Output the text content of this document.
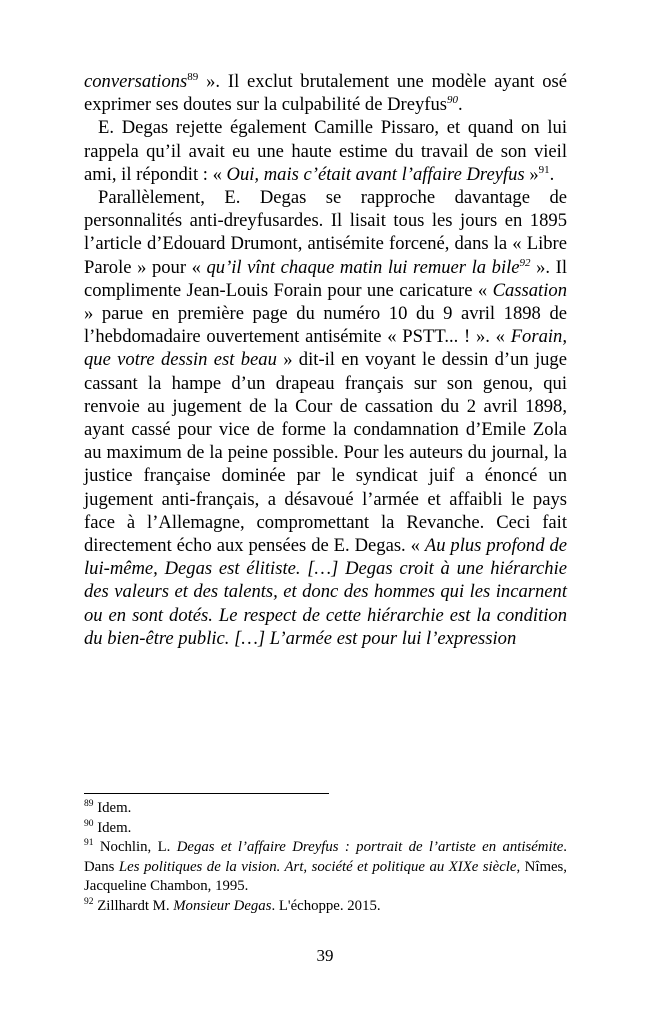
conversations$^{89}$ ». Il exclut brutalement une modèle ayant osé exprimer ses doutes sur la culpabilité de Dreyfus$^{90}$.

E. Degas rejette également Camille Pissaro, et quand on lui rappela qu’il avait eu une haute estime du travail de son vieil ami, il répondit : « Oui, mais c’était avant l’affaire Dreyfus »$^{91}$.

Parallèlement, E. Degas se rapproche davantage de personnalités anti-dreyfusardes. Il lisait tous les jours en 1895 l’article d’Edouard Drumont, antisémite forcené, dans la « Libre Parole » pour « qu’il vînt chaque matin lui remuer la bile$^{92}$ ». Il complimente Jean-Louis Forain pour une caricature « Cassation » parue en première page du numéro 10 du 9 avril 1898 de l’hebdomadaire ouvertement antisémite « PSTT... ! ». « Forain, que votre dessin est beau » dit-il en voyant le dessin d’un juge cassant la hampe d’un drapeau français sur son genou, qui renvoie au jugement de la Cour de cassation du 2 avril 1898, ayant cassé pour vice de forme la condamnation d’Emile Zola au maximum de la peine possible. Pour les auteurs du journal, la justice française dominée par le syndicat juif a énoncé un jugement anti-français, a désavoué l’armée et affaibli le pays face à l’Allemagne, compromettant la Revanche. Ceci fait directement écho aux pensées de E. Degas. « Au plus profond de lui-même, Degas est élitiste. […] Degas croit à une hiérarchie des valeurs et des talents, et donc des hommes qui les incarnent ou en sont dotés. Le respect de cette hiérarchie est la condition du bien-être public. […] L’armée est pour lui l’expression

$^{89}$ Idem.

$^{90}$ Idem.

$^{91}$ Nochlin, L. Degas et l’affaire Dreyfus : portrait de l’artiste en antisémite. Dans Les politiques de la vision. Art, société et politique au XIXe siècle, Nîmes, Jacqueline Chambon, 1995.

$^{92}$ Zillhardt M. Monsieur Degas. L'échoppe. 2015.

39
